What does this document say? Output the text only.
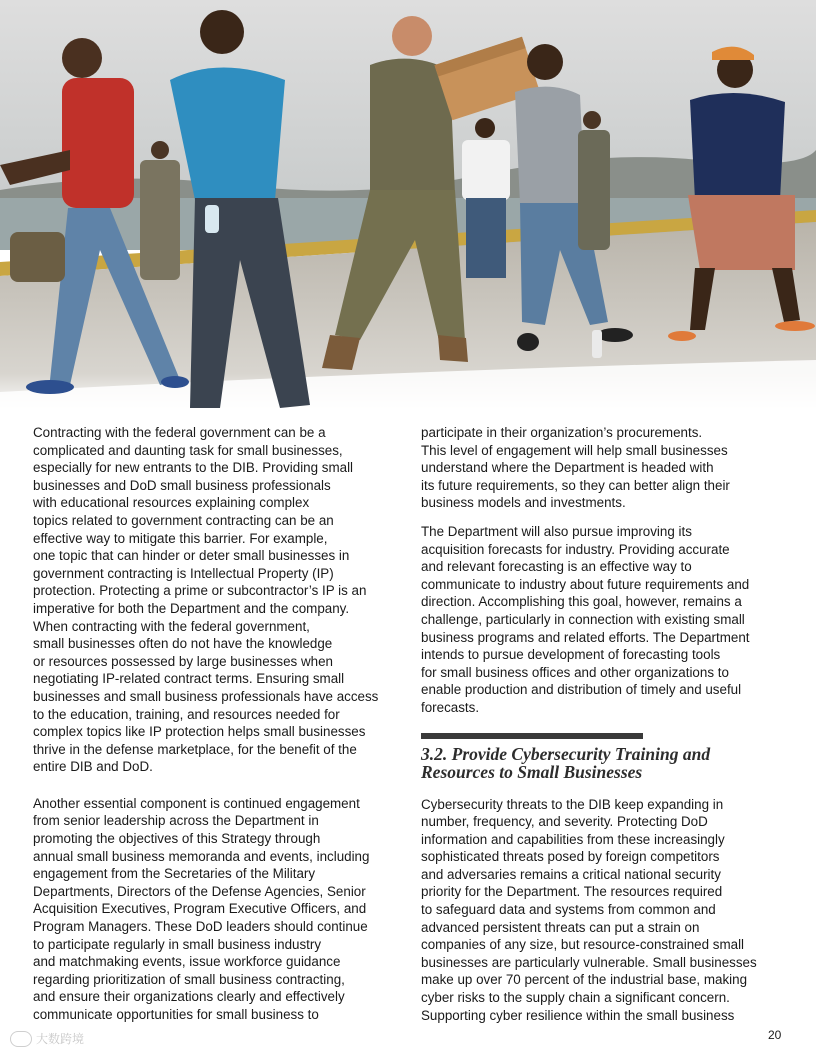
Contracting with the federal government can be a
complicated and daunting task for small businesses,
especially for new entrants to the DIB. Providing small
businesses and DoD small business professionals
with educational resources explaining complex
topics related to government contracting can be an
effective way to mitigate this barrier. For example,
one topic that can hinder or deter small businesses in
government contracting is Intellectual Property (IP)
protection. Protecting a prime or subcontractor’s IP is an
imperative for both the Department and the company.
When contracting with the federal government,
small businesses often do not have the knowledge
or resources possessed by large businesses when
negotiating IP-related contract terms. Ensuring small
businesses and small business professionals have access
to the education, training, and resources needed for
complex topics like IP protection helps small businesses
thrive in the defense marketplace, for the benefit of the
entire DIB and DoD.

Another essential component is continued engagement
from senior leadership across the Department in
promoting the objectives of this Strategy through
annual small business memoranda and events, including
engagement from the Secretaries of the Military
Departments, Directors of the Defense Agencies, Senior
Acquisition Executives, Program Executive Officers, and
Program Managers. These DoD leaders should continue
to participate regularly in small business industry
and matchmaking events, issue workforce guidance
regarding prioritization of small business contracting,
and ensure their organizations clearly and effectively
communicate opportunities for small business to

participate in their organization’s procurements.
This level of engagement will help small businesses
understand where the Department is headed with
its future requirements, so they can better align their
business models and investments.

The Department will also pursue improving its
acquisition forecasts for industry. Providing accurate
and relevant forecasting is an effective way to
communicate to industry about future requirements and
direction. Accomplishing this goal, however, remains a
challenge, particularly in connection with existing small
business programs and related efforts. The Department
intends to pursue development of forecasting tools
for small business offices and other organizations to
enable production and distribution of timely and useful
forecasts.

3.2. Provide Cybersecurity Training and
Resources to Small Businesses

Cybersecurity threats to the DIB keep expanding in
number, frequency, and severity. Protecting DoD
information and capabilities from these increasingly
sophisticated threats posed by foreign competitors
and adversaries remains a critical national security
priority for the Department. The resources required
to safeguard data and systems from common and
advanced persistent threats can put a strain on
companies of any size, but resource-constrained small
businesses are particularly vulnerable. Small businesses
make up over 70 percent of the industrial base, making
cyber risks to the supply chain a significant concern.
Supporting cyber resilience within the small business

大数跨境	20
